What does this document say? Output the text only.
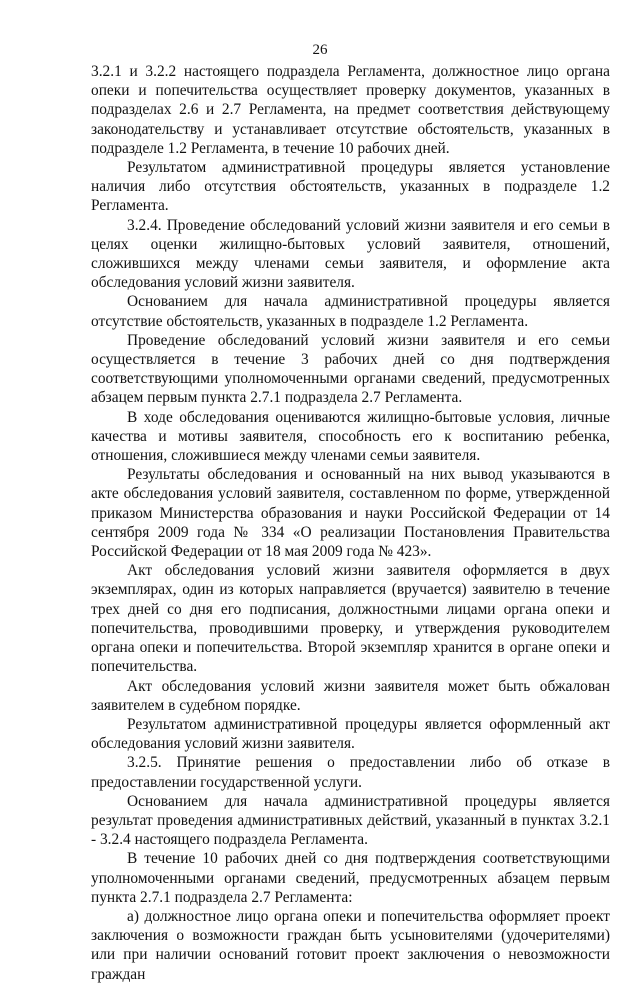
26

3.2.1 и 3.2.2 настоящего подраздела Регламента, должностное лицо органа опеки и попечительства осуществляет проверку документов, указанных в подразделах 2.6 и 2.7 Регламента, на предмет соответствия действующему законодательству и устанавливает отсутствие обстоятельств, указанных в подразделе 1.2 Регламента, в течение 10 рабочих дней.

Результатом административной процедуры является установление наличия либо отсутствия обстоятельств, указанных в подразделе 1.2 Регламента.

3.2.4. Проведение обследований условий жизни заявителя и его семьи в целях оценки жилищно-бытовых условий заявителя, отношений, сложившихся между членами семьи заявителя, и оформление акта обследования условий жизни заявителя.

Основанием для начала административной процедуры является отсутствие обстоятельств, указанных в подразделе 1.2 Регламента.

Проведение обследований условий жизни заявителя и его семьи осуществляется в течение 3 рабочих дней со дня подтверждения соответствующими уполномоченными органами сведений, предусмотренных абзацем первым пункта 2.7.1 подраздела 2.7 Регламента.

В ходе обследования оцениваются жилищно-бытовые условия, личные качества и мотивы заявителя, способность его к воспитанию ребенка, отношения, сложившиеся между членами семьи заявителя.

Результаты обследования и основанный на них вывод указываются в акте обследования условий заявителя, составленном по форме, утвержденной приказом Министерства образования и науки Российской Федерации от 14 сентября 2009 года № 334 «О реализации Постановления Правительства Российской Федерации от 18 мая 2009 года № 423».

Акт обследования условий жизни заявителя оформляется в двух экземплярах, один из которых направляется (вручается) заявителю в течение трех дней со дня его подписания, должностными лицами органа опеки и попечительства, проводившими проверку, и утверждения руководителем органа опеки и попечительства. Второй экземпляр хранится в органе опеки и попечительства.

Акт обследования условий жизни заявителя может быть обжалован заявителем в судебном порядке.

Результатом административной процедуры является оформленный акт обследования условий жизни заявителя.

3.2.5. Принятие решения о предоставлении либо об отказе в предоставлении государственной услуги.

Основанием для начала административной процедуры является результат проведения административных действий, указанный в пунктах 3.2.1 - 3.2.4 настоящего подраздела Регламента.

В течение 10 рабочих дней со дня подтверждения соответствующими уполномоченными органами сведений, предусмотренных абзацем первым пункта 2.7.1 подраздела 2.7 Регламента:

а) должностное лицо органа опеки и попечительства оформляет проект заключения о возможности граждан быть усыновителями (удочерителями) или при наличии оснований готовит проект заключения о невозможности граждан
